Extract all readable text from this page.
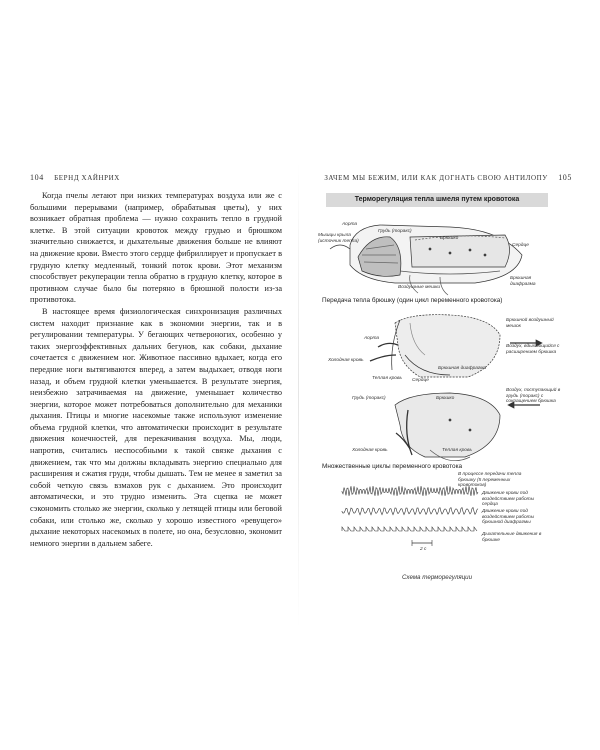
104 БЕРНД ХАЙНРИХ

Когда пчелы летают при низких температурах воздуха или же с большими перерывами (например, обрабатывая цветы), у них возникает обратная проблема — нужно сохранить тепло в грудной клетке. В этой ситуации кровоток между грудью и брюшком значительно снижается, и дыхательные движения больше не влияют на движение крови. Вместо этого сердце фибриллирует и пропускает в грудную клетку медленный, тонкий поток крови. Этот механизм способствует рекуперации тепла обратно в грудную клетку, которое в противном случае было бы потеряно в брюшной полости из-за противотока.

В настоящее время физиологическая синхронизация различных систем находит признание как в экономии энергии, так и в регулировании температуры. У бегающих четвероногих, особенно у таких энергоэффективных дальних бегунов, как собаки, дыхание сочетается с движением ног. Животное пассивно вдыхает, когда его передние ноги вытягиваются вперед, а затем выдыхает, отводя ноги назад, и объем грудной клетки уменьшается. В результате энергия, неизбежно затрачиваемая на движение, уменьшает количество энергии, которое может потребоваться дополнительно для механики дыхания. Птицы и многие насекомые также используют изменение объема грудной клетки, что автоматически происходит в результате движения конечностей, для перекачивания воздуха. Мы, люди, напротив, считались неспособными к такой связке дыхания с движением, так что мы должны вкладывать энергию специально для расширения и сжатия груди, чтобы дышать. Тем не менее я заметил за собой четкую связь взмахов рук с дыханием. Это происходит автоматически, и это трудно изменить. Эта сцепка не может сэкономить столько же энергии, сколько у летящей птицы или беговой собаки, или столько же, сколько у хорошо известного «ревущего» дыхание некоторых насекомых в полете, но она, безусловно, экономит немного энергии в дальнем забеге.

ЗАЧЕМ МЫ БЕЖИМ, ИЛИ КАК ДОГНАТЬ СВОЮ АНТИЛОПУ 105
Терморегуляция тепла шмеля путем кровотока
Аорта
Мышцы крыла (источник тепла)
Грудь (торакс)
Брюшко
Сердце
Воздушные мешки
Брюшная диафрагма
Передача тепла брюшку (один цикл переменного кровотока)
Брюшной воздушный мешок
Воздух, вдыхающийся с расширением брюшка
Аорта
Холодная кровь
Теплая кровь
Брюшная диафрагма
Сердце
Грудь (торакс)	Брюшко
Воздух, поступающий в грудь (торакс) с сокращением брюшка
Холодная кровь	Теплая кровь
Множественные циклы переменного кровотока
В процессе передачи тепла брюшку (5 переменных кровотоков)
Движение крови под воздействием работы сердца
Движение крови под воздействием работы брюшной диафрагмы
Дыхательные движения в брюшке
2 с
Схема терморегуляции
